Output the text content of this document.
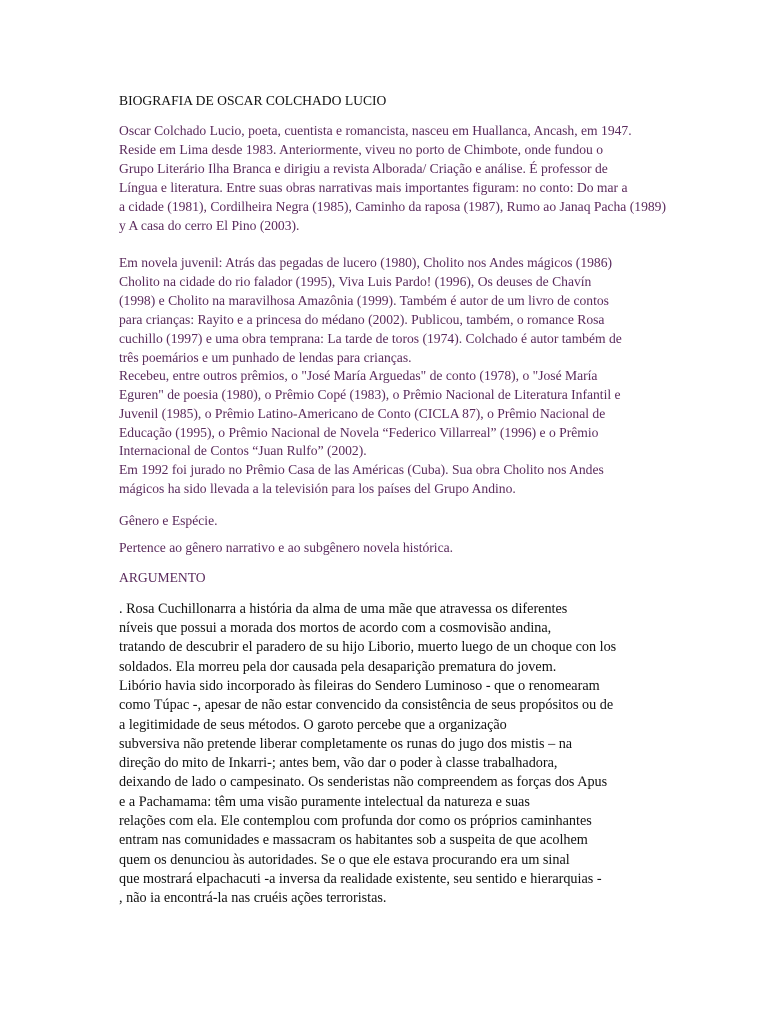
BIOGRAFIA DE OSCAR COLCHADO LUCIO
Oscar Colchado Lucio, poeta, cuentista e romancista, nasceu em Huallanca, Ancash, em 1947.
Reside em Lima desde 1983. Anteriormente, viveu no porto de Chimbote, onde fundou o
Grupo Literário Ilha Branca e dirigiu a revista Alborada/ Criação e análise. É professor de
Língua e literatura. Entre suas obras narrativas mais importantes figuram: no conto: Do mar a
a cidade (1981), Cordilheira Negra (1985), Caminho da raposa (1987), Rumo ao Janaq Pacha (1989)
y A casa do cerro El Pino (2003).
Em novela juvenil: Atrás das pegadas de lucero (1980), Cholito nos Andes mágicos (1986)
Cholito na cidade do rio falador (1995), Viva Luis Pardo! (1996), Os deuses de Chavín
(1998) e Cholito na maravilhosa Amazônia (1999). Também é autor de um livro de contos
para crianças: Rayito e a princesa do médano (2002). Publicou, também, o romance Rosa
cuchillo (1997) e uma obra temprana: La tarde de toros (1974). Colchado é autor também de
três poemários e um punhado de lendas para crianças.
Recebeu, entre outros prêmios, o "José María Arguedas" de conto (1978), o "José María
Eguren" de poesia (1980), o Prêmio Copé (1983), o Prêmio Nacional de Literatura Infantil e
Juvenil (1985), o Prêmio Latino-Americano de Conto (CICLA 87), o Prêmio Nacional de
Educação (1995), o Prêmio Nacional de Novela “Federico Villarreal” (1996) e o Prêmio
Internacional de Contos “Juan Rulfo” (2002).
Em 1992 foi jurado no Prêmio Casa de las Américas (Cuba). Sua obra Cholito nos Andes
mágicos ha sido llevada a la televisión para los países del Grupo Andino.
Gênero e Espécie.
Pertence ao gênero narrativo e ao subgênero novela histórica.
ARGUMENTO
. Rosa Cuchillonarra a história da alma de uma mãe que atravessa os diferentes
níveis que possui a morada dos mortos de acordo com a cosmovisão andina,
tratando de descubrir el paradero de su hijo Liborio, muerto luego de un choque con los
soldados. Ela morreu pela dor causada pela desaparição prematura do jovem.
Libório havia sido incorporado às fileiras do Sendero Luminoso - que o renomearam
como Túpac -, apesar de não estar convencido da consistência de seus propósitos ou de
a legitimidade de seus métodos. O garoto percebe que a organização
subversiva não pretende liberar completamente os runas do jugo dos mistis – na
direção do mito de Inkarri-; antes bem, vão dar o poder à classe trabalhadora,
deixando de lado o campesinato. Os senderistas não compreendem as forças dos Apus
e a Pachamama: têm uma visão puramente intelectual da natureza e suas
relações com ela. Ele contemplou com profunda dor como os próprios caminhantes
entram nas comunidades e massacram os habitantes sob a suspeita de que acolhem
quem os denunciou às autoridades. Se o que ele estava procurando era um sinal
que mostrará elpachacuti -a inversa da realidade existente, seu sentido e hierarquias -
, não ia encontrá-la nas cruéis ações terroristas.
